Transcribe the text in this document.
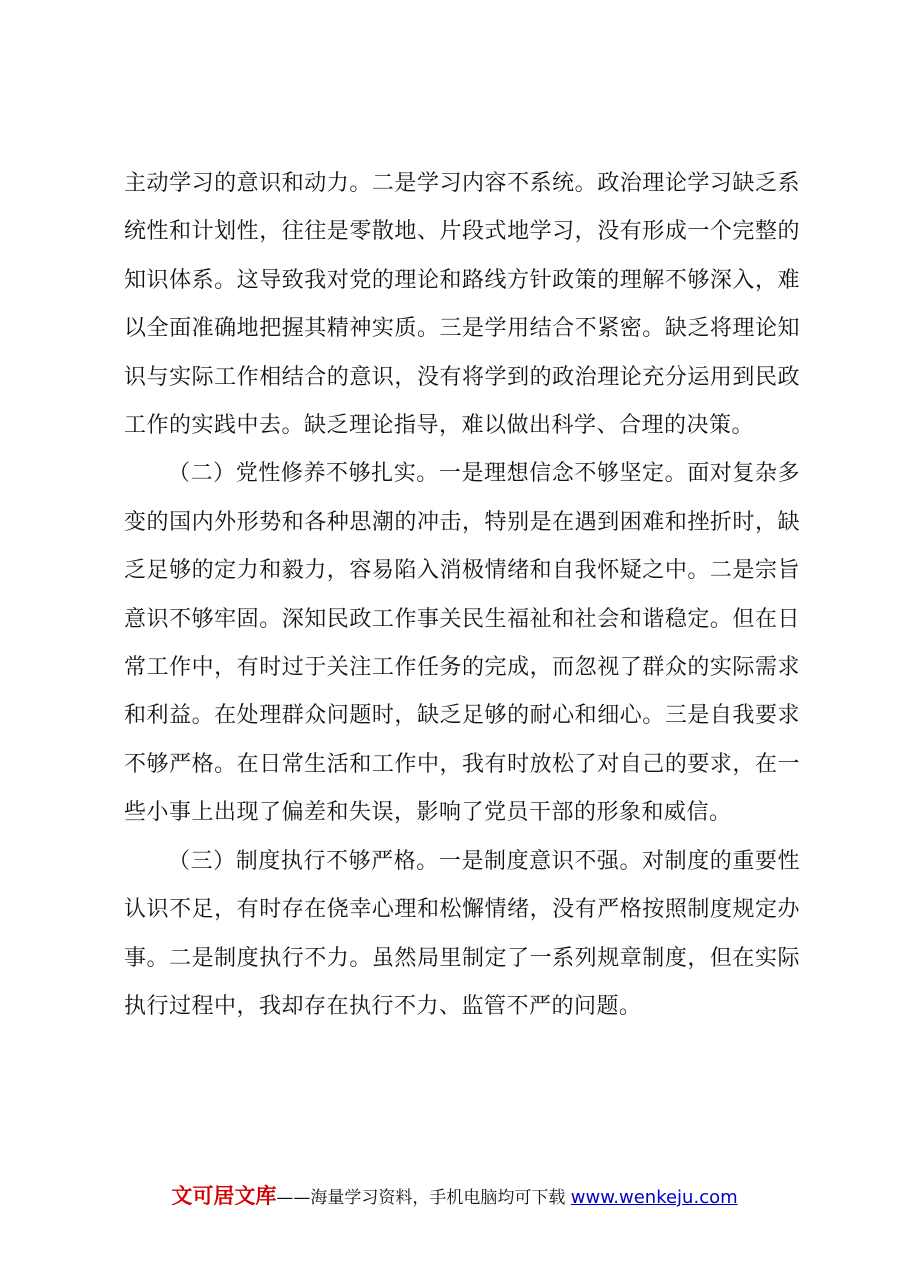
主动学习的意识和动力。二是学习内容不系统。政治理论学习缺乏系统性和计划性，往往是零散地、片段式地学习，没有形成一个完整的知识体系。这导致我对党的理论和路线方针政策的理解不够深入，难以全面准确地把握其精神实质。三是学用结合不紧密。缺乏将理论知识与实际工作相结合的意识，没有将学到的政治理论充分运用到民政工作的实践中去。缺乏理论指导，难以做出科学、合理的决策。

（二）党性修养不够扎实。一是理想信念不够坚定。面对复杂多变的国内外形势和各种思潮的冲击，特别是在遇到困难和挫折时，缺乏足够的定力和毅力，容易陷入消极情绪和自我怀疑之中。二是宗旨意识不够牢固。深知民政工作事关民生福祉和社会和谐稳定。但在日常工作中，有时过于关注工作任务的完成，而忽视了群众的实际需求和利益。在处理群众问题时，缺乏足够的耐心和细心。三是自我要求不够严格。在日常生活和工作中，我有时放松了对自己的要求，在一些小事上出现了偏差和失误，影响了党员干部的形象和威信。

（三）制度执行不够严格。一是制度意识不强。对制度的重要性认识不足，有时存在侥幸心理和松懈情绪，没有严格按照制度规定办事。二是制度执行不力。虽然局里制定了一系列规章制度，但在实际执行过程中，我却存在执行不力、监管不严的问题。

文可居文库——海量学习资料，手机电脑均可下载 www.wenkeju.com
